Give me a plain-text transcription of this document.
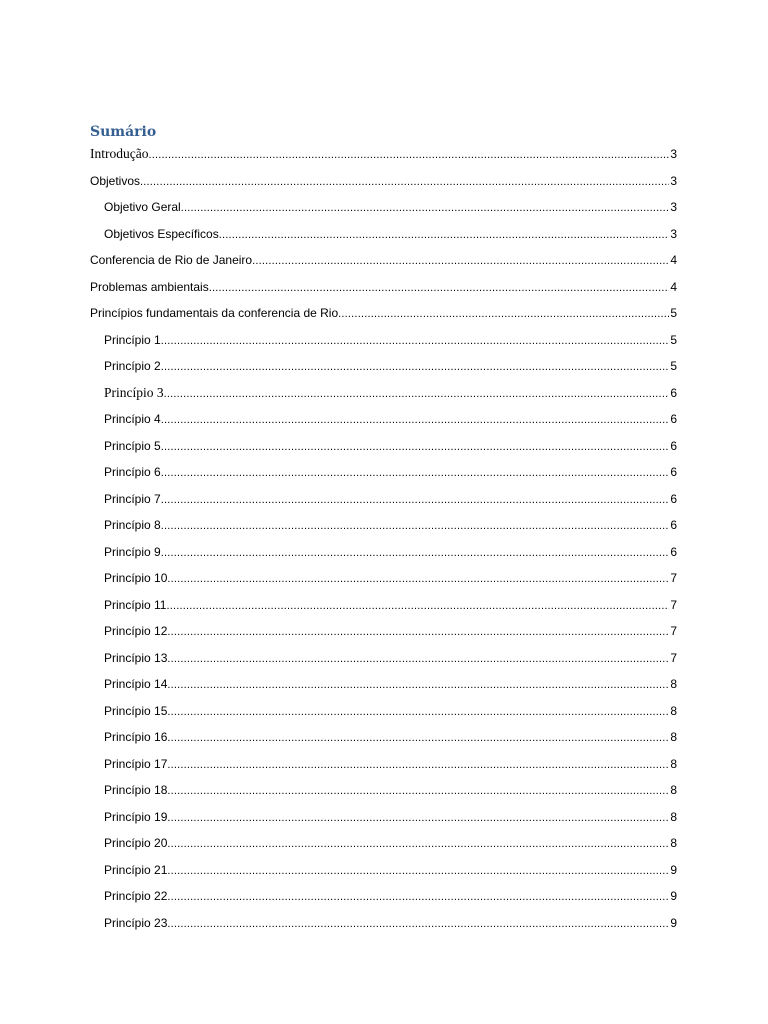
Sumário
Introdução .....	3
Objetivos .....	3
Objetivo Geral .....	3
Objetivos Específicos .....	3
Conferencia de Rio de Janeiro .....	4
Problemas ambientais .....	4
Princípios fundamentais da conferencia de Rio .....	5
Princípio 1 .....	5
Princípio 2 .....	5
Princípio 3 .....	6
Princípio 4 .....	6
Princípio 5 .....	6
Princípio 6 .....	6
Princípio 7 .....	6
Princípio 8 .....	6
Princípio 9 .....	6
Princípio 10 .....	7
Princípio 11 .....	7
Princípio 12 .....	7
Princípio 13 .....	7
Princípio 14 .....	8
Princípio 15 .....	8
Princípio 16 .....	8
Princípio 17 .....	8
Princípio 18 .....	8
Princípio 19 .....	8
Princípio 20 .....	8
Princípio 21 .....	9
Princípio 22 .....	9
Princípio 23 .....	9
